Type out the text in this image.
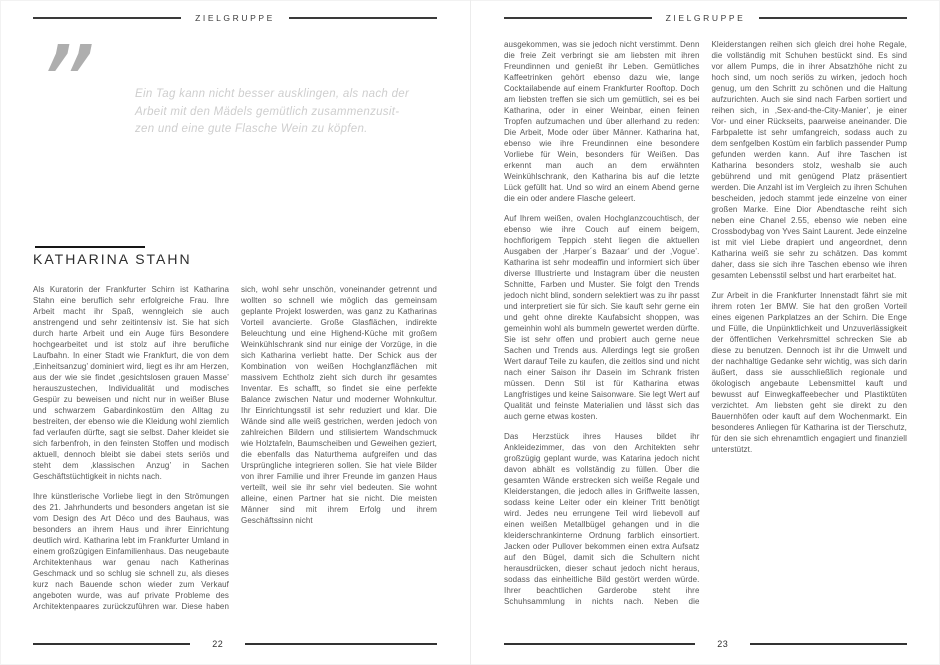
ZIELGRUPPE
”	Ein Tag kann nicht besser ausklingen, als nach der

Arbeit mit den Mädels gemütlich zusammenzusit-

zen und eine gute Flasche Wein zu köpfen.

KATHARINA STAHN

Als Kuratorin der Frankfurter Schirn ist Katharina Stahn eine beruflich sehr erfolgreiche Frau. Ihre Arbeit macht ihr Spaß, wenngleich sie auch anstrengend und sehr zeitintensiv ist. Sie hat sich durch harte Arbeit und ein Auge fürs Besondere hochgearbeitet und ist stolz auf ihre berufliche Laufbahn. In einer Stadt wie Frankfurt, die von dem ‚Einheitsanzug’ dominiert wird, liegt es ihr am Herzen, aus der wie sie findet ‚gesichtslosen grauen Masse’ herauszustechen, Individualität und modisches Gespür zu beweisen und nicht nur in weißer Bluse und schwarzem Gabardinkostüm den Alltag zu bestreiten, der ebenso wie die Kleidung wohl ziemlich fad verlaufen dürfte, sagt sie selbst. Daher kleidet sie sich farbenfroh, in den feinsten Stoffen und modisch aktuell, dennoch bleibt sie dabei stets seriös und steht dem ‚klassischen Anzug’ in Sachen Geschäftstüchtigkeit in nichts nach.

Ihre künstlerische Vorliebe liegt in den Strömungen des 21. Jahrhunderts und besonders angetan ist sie vom Design des Art Déco und des Bauhaus, was besonders an ihrem Haus und ihrer Einrichtung deutlich wird. Katharina lebt im Frankfurter Umland in einem großzügigen Einfamilienhaus. Das neugebaute Architektenhaus war genau nach Katherinas Geschmack und so schlug sie schnell zu, als dieses kurz nach Bauende schon wieder zum Verkauf angeboten wurde, was auf private Probleme des Architektenpaares zurückzuführen war. Diese haben sich, wohl sehr unschön, voneinander getrennt und wollten so schnell wie möglich das gemeinsam geplante Projekt loswerden, was ganz zu Katharinas Vorteil avancierte. Große Glasflächen, indirekte Beleuchtung und eine Highend-Küche mit großem Weinkühlschrank sind nur einige der Vorzüge, in die sich Katharina verliebt hatte. Der Schick aus der Kombination von weißen Hochglanzflächen mit massivem Echtholz zieht sich durch ihr gesamtes Inventar. Es schafft, so findet sie eine perfekte Balance zwischen Natur und moderner Wohnkultur. Ihr Einrichtungsstil ist sehr reduziert und klar. Die Wände sind alle weiß gestrichen, werden jedoch von zahlreichen Bildern und stilisiertem Wandschmuck wie Holztafeln, Baumscheiben und Geweihen geziert, die ebenfalls das Naturthema aufgreifen und das Ursprüngliche integrieren sollen. Sie hat viele Bilder von ihrer Familie und ihrer Freunde im ganzen Haus verteilt, weil sie ihr sehr viel bedeuten. Sie wohnt alleine, einen Partner hat sie nicht. Die meisten Männer sind mit ihrem Erfolg und ihrem Geschäftssinn nicht

22
ZIELGRUPPE

ausgekommen, was sie jedoch nicht verstimmt. Denn die freie Zeit verbringt sie am liebsten mit ihren Freundinnen und genießt ihr Leben. Gemütliches Kaffeetrinken gehört ebenso dazu wie, lange Cocktailabende auf einem Frankfurter Rooftop. Doch am liebsten treffen sie sich um gemütlich, sei es bei Katharina, oder in einer Weinbar, einen feinen Tropfen aufzumachen und über allerhand zu reden: Die Arbeit, Mode oder über Männer. Katharina hat, ebenso wie ihre Freundinnen eine besondere Vorliebe für Wein, besonders für Weißen. Das erkennt man auch an dem erwähnten Weinkühlschrank, den Katharina bis auf die letzte Lück gefüllt hat. Und so wird an einem Abend gerne die ein oder andere Flasche geleert.

Auf Ihrem weißen, ovalen Hochglanzcouchtisch, der ebenso wie ihre Couch auf einem beigem, hochflorigem Teppich steht liegen die aktuellen Ausgaben der ‚Harper´s Bazaar’ und der ‚Vogue’. Katharina ist sehr modeaffin und informiert sich über diverse Illustrierte und Instagram über die neusten Schnitte, Farben und Muster. Sie folgt den Trends jedoch nicht blind, sondern selektiert was zu ihr passt und interpretiert sie für sich. Sie kauft sehr gerne ein und geht ohne direkte Kaufabsicht shoppen, was gemeinhin wohl als bummeln gewertet werden dürfte. Sie ist sehr offen und probiert auch gerne neue Sachen und Trends aus. Allerdings legt sie großen Wert darauf Teile zu kaufen, die zeitlos sind und nicht nach einer Saison ihr Dasein im Schrank fristen müssen. Denn Stil ist für Katharina etwas Langfristiges und keine Saisonware. Sie legt Wert auf Qualität und feinste Materialien und lässt sich das auch gerne etwas kosten.

Das Herzstück ihres Hauses bildet ihr Ankleidezimmer, das von den Architekten sehr großzügig geplant wurde, was Katarina jedoch nicht davon abhält es vollständig zu füllen. Über die gesamten Wände erstrecken sich weiße Regale und Kleiderstangen, die jedoch alles in Griffweite lassen, sodass keine Leiter oder ein kleiner Tritt benötigt wird. Jedes neu errungene Teil wird liebevoll auf einen weißen Metallbügel gehangen und in die kleiderschrankinterne Ordnung farblich einsortiert. Jacken oder Pullover bekommen einen extra Aufsatz auf den Bügel, damit sich die Schultern nicht herausdrücken, dieser schaut jedoch nicht heraus, sodass das einheitliche Bild gestört werden würde. Ihrer beachtlichen Garderobe steht ihre Schuhsammlung in nichts nach. Neben die Kleiderstangen reihen sich gleich drei hohe Regale, die vollständig mit Schuhen bestückt sind. Es sind vor allem Pumps, die in ihrer Absatzhöhe nicht zu hoch sind, um noch seriös zu wirken, jedoch hoch genug, um den Schritt zu schönen und die Haltung aufzurichten. Auch sie sind nach Farben sortiert und reihen sich, in ‚Sex-and-the-City-Manier’, je einer Vor- und einer Rückseits, paarweise aneinander. Die Farbpalette ist sehr umfangreich, sodass auch zu dem senfgelben Kostüm ein farblich passender Pump gefunden werden kann. Auf ihre Taschen ist Katharina besonders stolz, weshalb sie auch gebührend und mit genügend Platz präsentiert werden. Die Anzahl ist im Vergleich zu ihren Schuhen bescheiden, jedoch stammt jede einzelne von einer großen Marke. Eine Dior Abendtasche reiht sich neben eine Chanel 2.55, ebenso wie neben eine Crossbodybag von Yves Saint Laurent. Jede einzelne ist mit viel Liebe drapiert und angeordnet, denn Katharina weiß sie sehr zu schätzen. Das kommt daher, dass sie sich ihre Taschen ebenso wie ihren gesamten Lebensstil selbst und hart erarbeitet hat.

Zur Arbeit in die Frankfurter Innenstadt fährt sie mit ihrem roten 1er BMW. Sie hat den großen Vorteil eines eigenen Parkplatzes an der Schirn. Die Enge und Fülle, die Unpünktlichkeit und Unzuverlässigkeit der öffentlichen Verkehrsmittel schrecken Sie ab diese zu benutzen. Dennoch ist ihr die Umwelt und der nachhaltige Gedanke sehr wichtig, was sich darin äußert, dass sie ausschließlich regionale und ökologisch angebaute Lebensmittel kauft und bewusst auf Einwegkaffeebecher und Plastiktüten verzichtet. Am liebsten geht sie direkt zu den Bauernhöfen oder kauft auf dem Wochenmarkt. Ein besonderes Anliegen für Katharina ist der Tierschutz, für den sie sich ehrenamtlich engagiert und finanziell unterstützt.

23
